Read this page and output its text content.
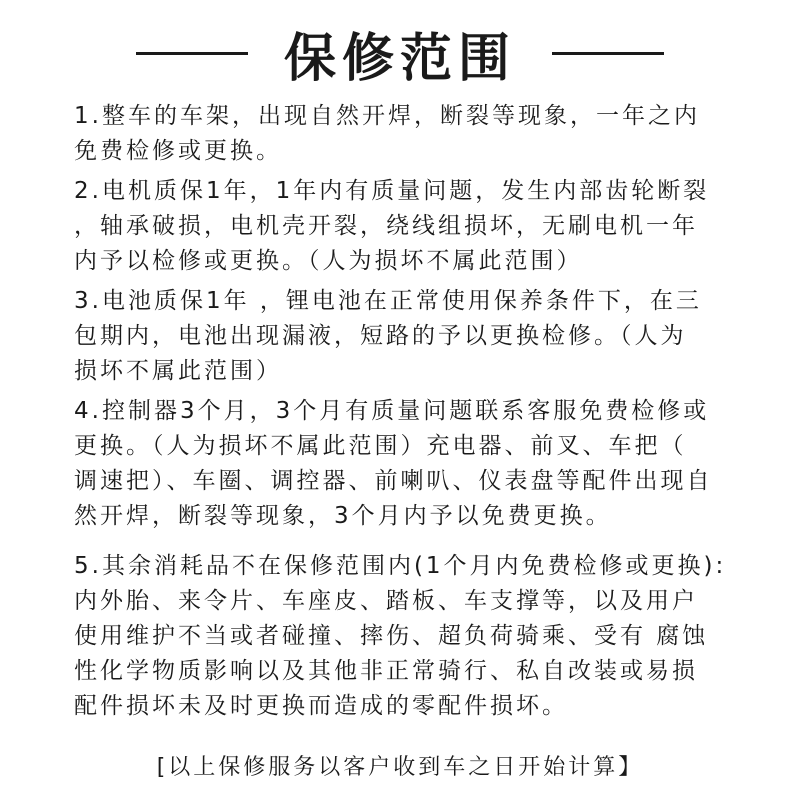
保修范围
1.整车的车架，出现自然开焊，断裂等现象，一年之内
免费检修或更换。
2.电机质保1年，1年内有质量问题，发生内部齿轮断裂
，轴承破损，电机壳开裂，绕线组损坏，无刷电机一年
内予以检修或更换。（人为损坏不属此范围）
3.电池质保1年 ，锂电池在正常使用保养条件下，在三
包期内，电池出现漏液，短路的予以更换检修。（人为
损坏不属此范围）
4.控制器3个月，3个月有质量问题联系客服免费检修或
更换。（人为损坏不属此范围）充电器、前叉、车把（
调速把）、车圈、调控器、前喇叭、仪表盘等配件出现自
然开焊，断裂等现象，3个月内予以免费更换。
5.其余消耗品不在保修范围内(1个月内免费检修或更换):
内外胎、来令片、车座皮、踏板、车支撑等，以及用户
使用维护不当或者碰撞、摔伤、超负荷骑乘、受有 腐蚀
性化学物质影响以及其他非正常骑行、私自改装或易损
配件损坏未及时更换而造成的零配件损坏。
[以上保修服务以客户收到车之日开始计算】
